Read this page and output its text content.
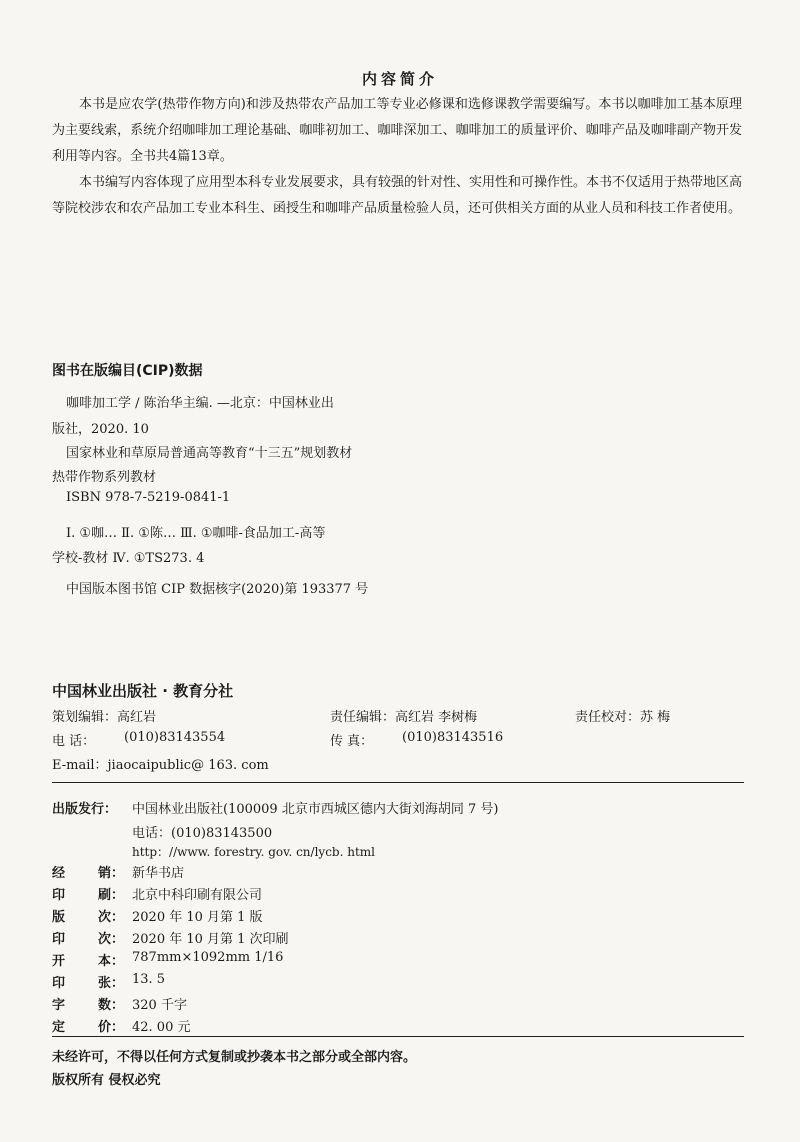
内容简介
本书是应农学(热带作物方向)和涉及热带农产品加工等专业必修课和选修课教学需要编写。本书以咖啡加工基本原理为主要线索，系统介绍咖啡加工理论基础、咖啡初加工、咖啡深加工、咖啡加工的质量评价、咖啡产品及咖啡副产物开发利用等内容。全书共4篇13章。
本书编写内容体现了应用型本科专业发展要求，具有较强的针对性、实用性和可操作性。本书不仅适用于热带地区高等院校涉农和农产品加工专业本科生、函授生和咖啡产品质量检验人员，还可供相关方面的从业人员和科技工作者使用。
图书在版编目(CIP)数据
咖啡加工学 / 陈治华主编. —北京：中国林业出
版社，2020. 10
国家林业和草原局普通高等教育“十三五”规划教材
热带作物系列教材
ISBN 978-7-5219-0841-1
Ⅰ. ①咖… Ⅱ. ①陈… Ⅲ. ①咖啡-食品加工-高等
学校-教材 Ⅳ. ①TS273. 4
中国版本图书馆 CIP 数据核字(2020)第 193377 号
中国林业出版社 · 教育分社
策划编辑：高红岩	责任编辑：高红岩 李树梅	责任校对：苏 梅
电 话： (010)83143554	传 真： (010)83143516
E-mail：jiaocaipublic@ 163. com
出版发行： 中国林业出版社(100009 北京市西城区德内大街刘海胡同 7 号)
电话：(010)83143500
http：//www. forestry. gov. cn/lycb. html
经	销： 新华书店
印	刷： 北京中科印刷有限公司
版	次： 2020 年 10 月第 1 版
印	次： 2020 年 10 月第 1 次印刷
开	本： 787mm×1092mm 1/16
印	张： 13. 5
字	数： 320 千字
定	价： 42. 00 元
未经许可，不得以任何方式复制或抄袭本书之部分或全部内容。
版权所有 侵权必究
